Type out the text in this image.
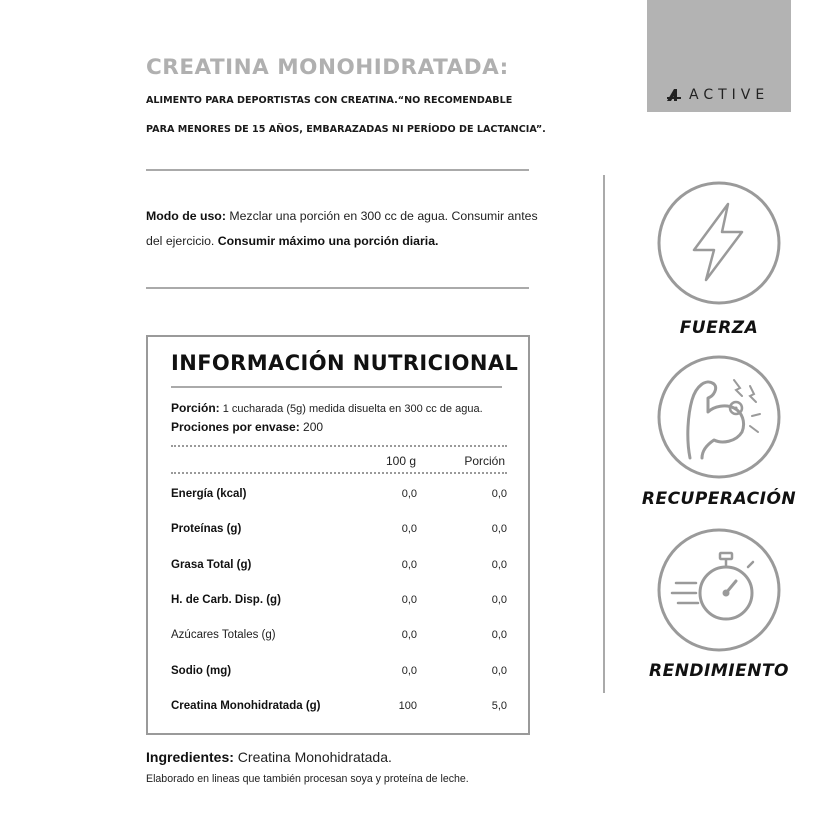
ACTIVE
CREATINA MONOHIDRATADA:
ALIMENTO PARA DEPORTISTAS CON CREATINA.“NO RECOMENDABLE
PARA MENORES DE 15 AÑOS, EMBARAZADAS NI PERÍODO DE LACTANCIA”.
Modo de uso: Mezclar una porción en 300 cc de agua. Consumir antes del ejercicio. Consumir máximo una porción diaria.
INFORMACIÓN NUTRICIONAL
Porción: 1 cucharada (5g) medida disuelta en 300 cc de agua.
Prociones por envase: 200
100 g	Porción
Energía (kcal)	0,0	0,0
Proteínas (g)	0,0	0,0
Grasa Total (g)	0,0	0,0
H. de Carb. Disp. (g)	0,0	0,0
Azúcares Totales (g)	0,0	0,0
Sodio (mg)	0,0	0,0
Creatina Monohidratada (g)	100	5,0
Ingredientes: Creatina Monohidratada.
Elaborado en lineas que también procesan soya y proteína de leche.
FUERZA
RECUPERACIÓN
RENDIMIENTO
